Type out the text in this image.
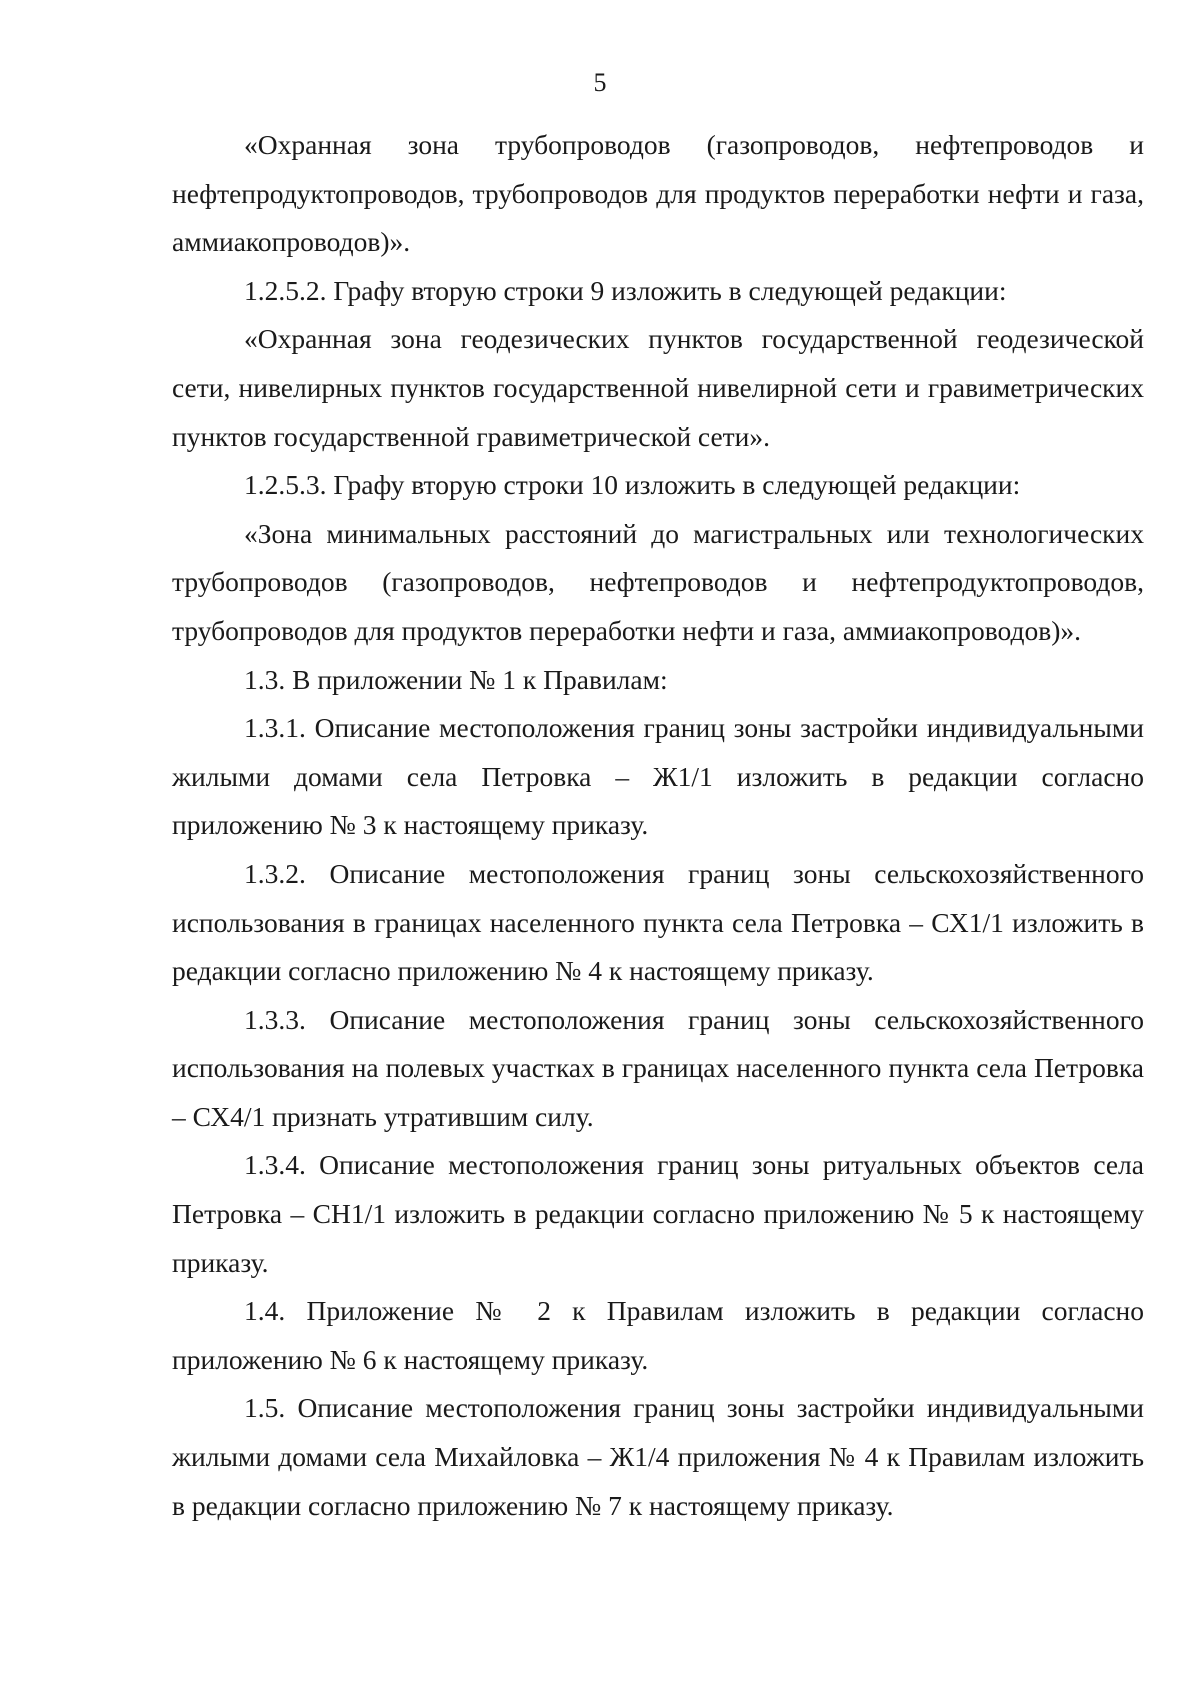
5

«Охранная зона трубопроводов (газопроводов, нефтепроводов и нефтепродуктопроводов, трубопроводов для продуктов переработки нефти и газа, аммиакопроводов)».

1.2.5.2. Графу вторую строки 9 изложить в следующей редакции:

«Охранная зона геодезических пунктов государственной геодезической сети, нивелирных пунктов государственной нивелирной сети и гравиметрических пунктов государственной гравиметрической сети».

1.2.5.3. Графу вторую строки 10 изложить в следующей редакции:

«Зона минимальных расстояний до магистральных или технологических трубопроводов (газопроводов, нефтепроводов и нефтепродуктопроводов, трубопроводов для продуктов переработки нефти и газа, аммиакопроводов)».

1.3. В приложении № 1 к Правилам:

1.3.1. Описание местоположения границ зоны застройки индивидуальными жилыми домами села Петровка – Ж1/1 изложить в редакции согласно приложению № 3 к настоящему приказу.

1.3.2. Описание местоположения границ зоны сельскохозяйственного использования в границах населенного пункта села Петровка – СХ1/1 изложить в редакции согласно приложению № 4 к настоящему приказу.

1.3.3. Описание местоположения границ зоны сельскохозяйственного использования на полевых участках в границах населенного пункта села Петровка – СХ4/1 признать утратившим силу.

1.3.4. Описание местоположения границ зоны ритуальных объектов села Петровка – СН1/1 изложить в редакции согласно приложению № 5 к настоящему приказу.

1.4. Приложение № 2 к Правилам изложить в редакции согласно приложению № 6 к настоящему приказу.

1.5. Описание местоположения границ зоны застройки индивидуальными жилыми домами села Михайловка – Ж1/4 приложения № 4 к Правилам изложить в редакции согласно приложению № 7 к настоящему приказу.
